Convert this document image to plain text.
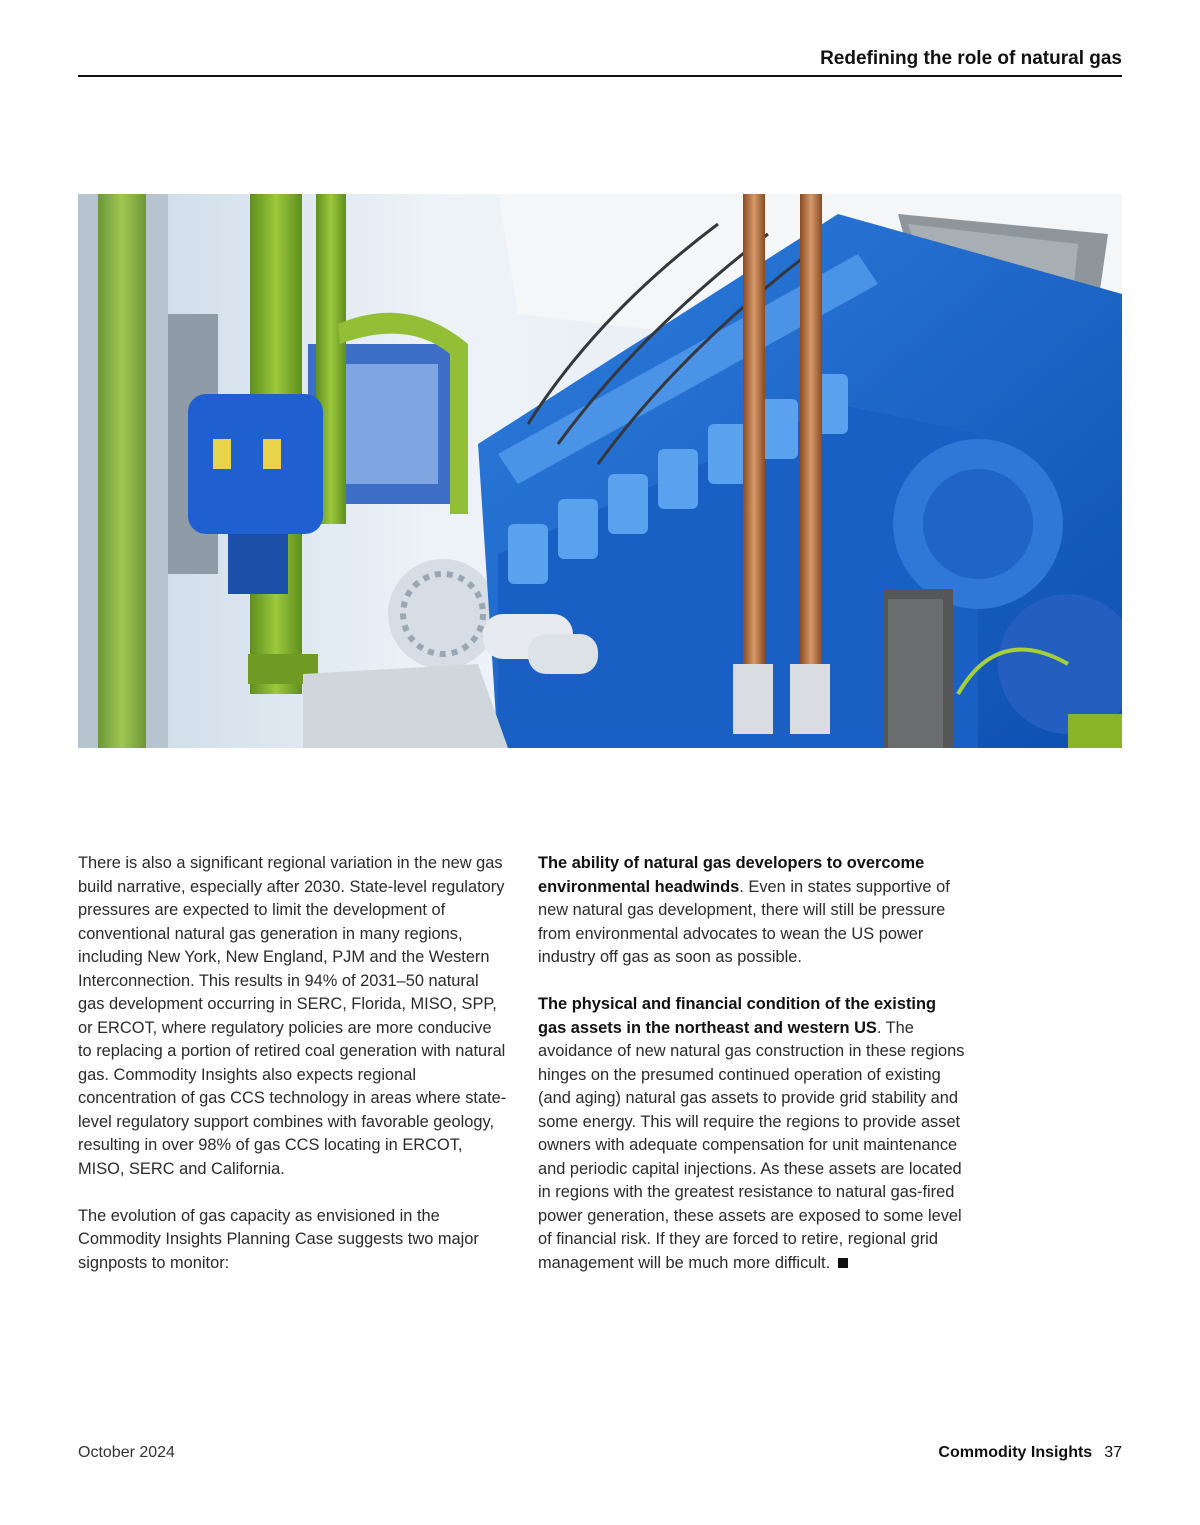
Redefining the role of natural gas

There is also a significant regional variation in the new gas build narrative, especially after 2030. State-level regulatory pressures are expected to limit the development of conventional natural gas generation in many regions, including New York, New England, PJM and the Western Interconnection. This results in 94% of 2031–50 natural gas development occurring in SERC, Florida, MISO, SPP, or ERCOT, where regulatory policies are more conducive to replacing a portion of retired coal generation with natural gas. Commodity Insights also expects regional concentration of gas CCS technology in areas where state-level regulatory support combines with favorable geology, resulting in over 98% of gas CCS locating in ERCOT, MISO, SERC and California.

The evolution of gas capacity as envisioned in the Commodity Insights Planning Case suggests two major signposts to monitor:

The ability of natural gas developers to overcome environmental headwinds. Even in states supportive of new natural gas development, there will still be pressure from environmental advocates to wean the US power industry off gas as soon as possible.

The physical and financial condition of the existing gas assets in the northeast and western US. The avoidance of new natural gas construction in these regions hinges on the presumed continued operation of existing (and aging) natural gas assets to provide grid stability and some energy. This will require the regions to provide asset owners with adequate compensation for unit maintenance and periodic capital injections. As these assets are located in regions with the greatest resistance to natural gas-fired power generation, these assets are exposed to some level of financial risk. If they are forced to retire, regional grid management will be much more difficult.

October 2024	Commodity Insights 37
